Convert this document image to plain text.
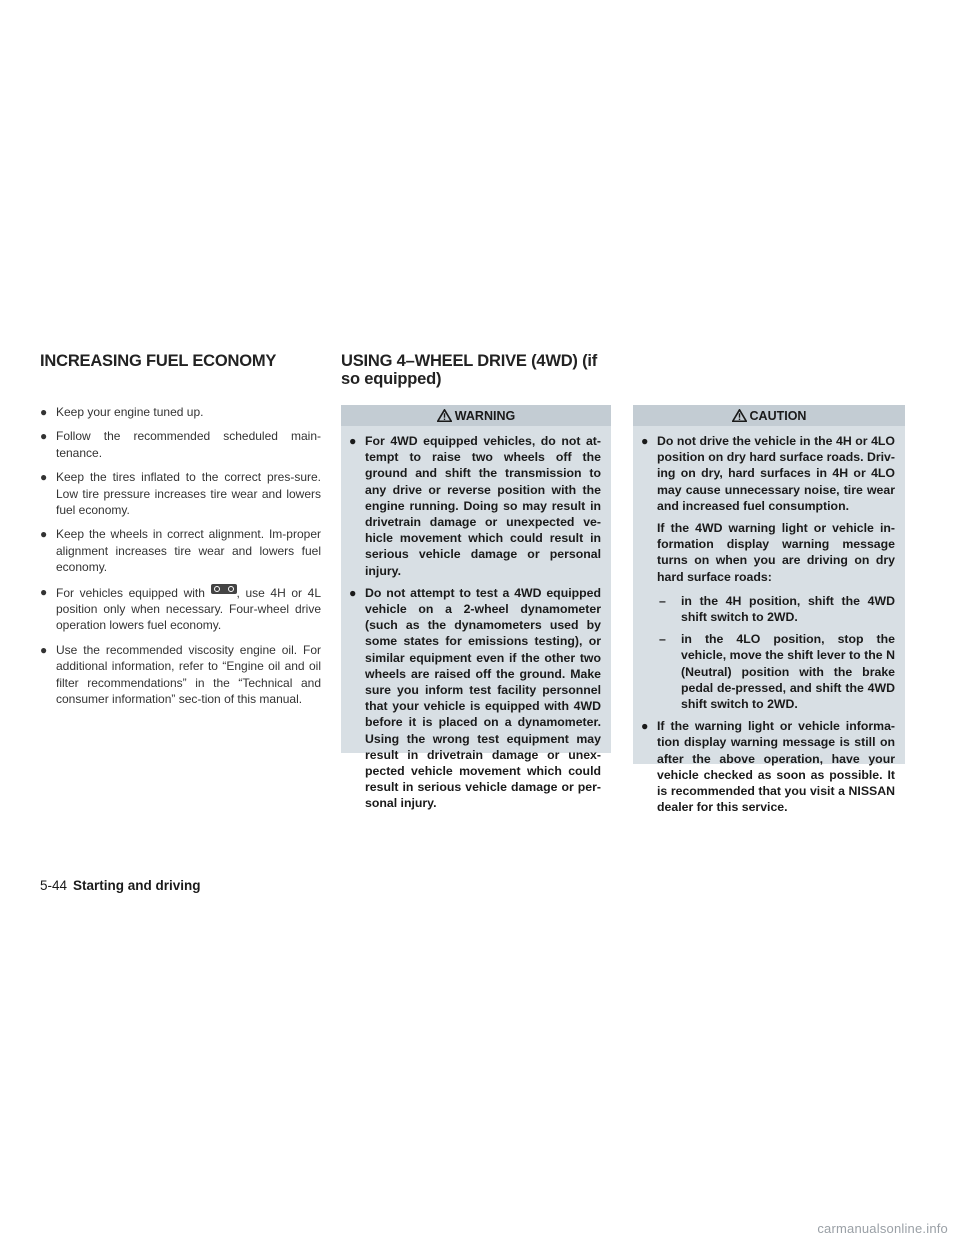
INCREASING FUEL ECONOMY	USING 4–WHEEL DRIVE (4WD) (if so equipped)
● Keep your engine tuned up.
● Follow the recommended scheduled main-tenance.
● Keep the tires inflated to the correct pres-sure. Low tire pressure increases tire wear and lowers fuel economy.
● Keep the wheels in correct alignment. Im-proper alignment increases tire wear and lowers fuel economy.
● For vehicles equipped with	, use 4H or 4L position only when necessary. Four-wheel drive operation lowers fuel economy.
● Use the recommended viscosity engine oil. For additional information, refer to “Engine oil and oil filter recommendations” in the “Technical and consumer information” sec-tion of this manual.
WARNING
● For 4WD equipped vehicles, do not at-tempt to raise two wheels off the ground and shift the transmission to any drive or reverse position with the engine running. Doing so may result in drivetrain damage or unexpected ve-hicle movement which could result in serious vehicle damage or personal injury.
● Do not attempt to test a 4WD equipped vehicle on a 2-wheel dynamometer (such as the dynamometers used by some states for emissions testing), or similar equipment even if the other two wheels are raised off the ground. Make sure you inform test facility personnel that your vehicle is equipped with 4WD before it is placed on a dynamometer. Using the wrong test equipment may result in drivetrain damage or unex-pected vehicle movement which could result in serious vehicle damage or per-sonal injury.
CAUTION
● Do not drive the vehicle in the 4H or 4LO position on dry hard surface roads. Driv-ing on dry, hard surfaces in 4H or 4LO may cause unnecessary noise, tire wear and increased fuel consumption.

If the 4WD warning light or vehicle in-formation display warning message turns on when you are driving on dry hard surface roads:

– in the 4H position, shift the 4WD shift switch to 2WD.
– in the 4LO position, stop the vehicle, move the shift lever to the N (Neutral) position with the brake pedal de-pressed, and shift the 4WD shift switch to 2WD.
● If the warning light or vehicle informa-tion display warning message is still on after the above operation, have your vehicle checked as soon as possible. It is recommended that you visit a NISSAN dealer for this service.
5-44 Starting and driving
carmanualsonline.info
